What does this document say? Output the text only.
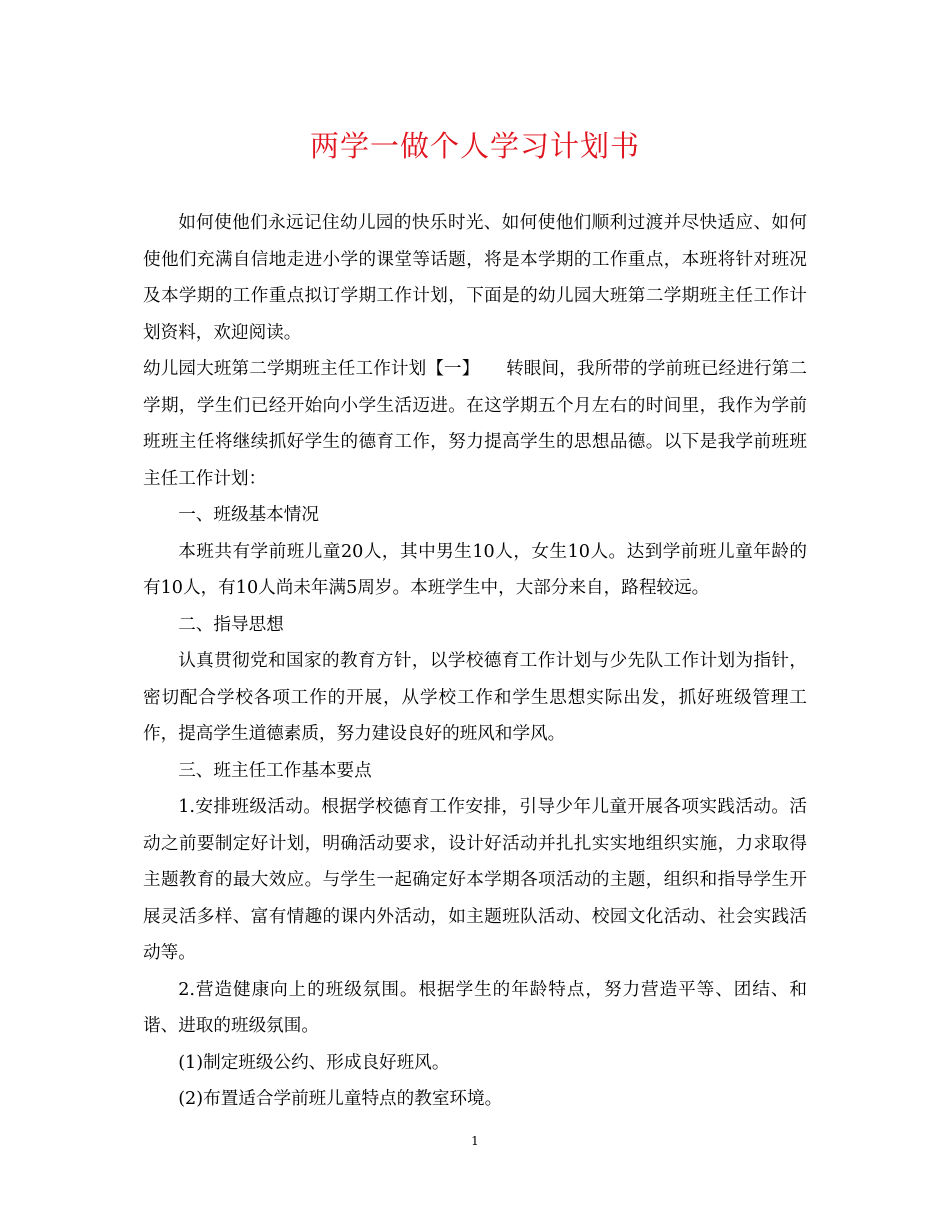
两学一做个人学习计划书

如何使他们永远记住幼儿园的快乐时光、如何使他们顺利过渡并尽快适应、如何使他们充满自信地走进小学的课堂等话题，将是本学期的工作重点，本班将针对班况及本学期的工作重点拟订学期工作计划，下面是的幼儿园大班第二学期班主任工作计划资料，欢迎阅读。

幼儿园大班第二学期班主任工作计划【一】　　转眼间，我所带的学前班已经进行第二学期，学生们已经开始向小学生活迈进。在这学期五个月左右的时间里，我作为学前班班主任将继续抓好学生的德育工作，努力提高学生的思想品德。以下是我学前班班主任工作计划：

一、班级基本情况

本班共有学前班儿童20人，其中男生10人，女生10人。达到学前班儿童年龄的有10人，有10人尚未年满5周岁。本班学生中，大部分来自，路程较远。

二、指导思想

认真贯彻党和国家的教育方针，以学校德育工作计划与少先队工作计划为指针，密切配合学校各项工作的开展，从学校工作和学生思想实际出发，抓好班级管理工作，提高学生道德素质，努力建设良好的班风和学风。

三、班主任工作基本要点

1.安排班级活动。根据学校德育工作安排，引导少年儿童开展各项实践活动。活动之前要制定好计划，明确活动要求，设计好活动并扎扎实实地组织实施，力求取得主题教育的最大效应。与学生一起确定好本学期各项活动的主题，组织和指导学生开展灵活多样、富有情趣的课内外活动，如主题班队活动、校园文化活动、社会实践活动等。

2.营造健康向上的班级氛围。根据学生的年龄特点，努力营造平等、团结、和谐、进取的班级氛围。

(1)制定班级公约、形成良好班风。

(2)布置适合学前班儿童特点的教室环境。

1
